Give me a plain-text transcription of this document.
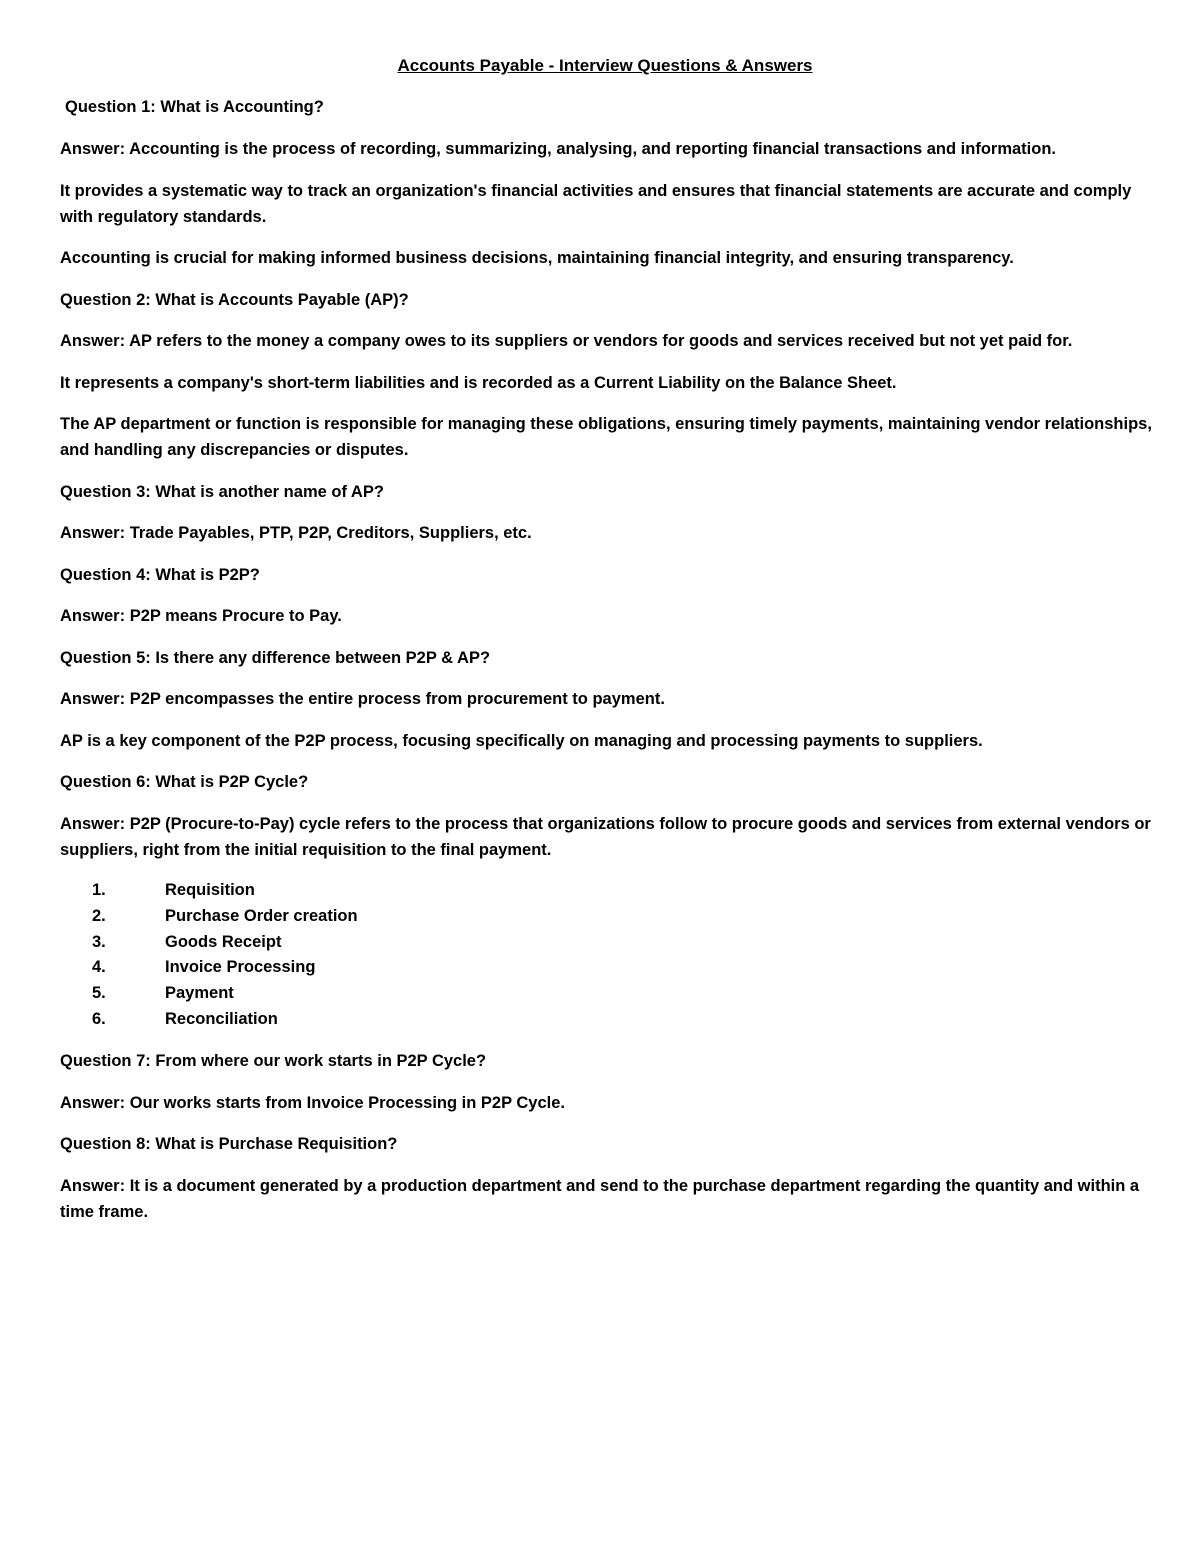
Accounts Payable - Interview Questions & Answers

Question 1: What is Accounting?

Answer: Accounting is the process of recording, summarizing, analysing, and reporting financial transactions and information.

It provides a systematic way to track an organization's financial activities and ensures that financial statements are accurate and comply with regulatory standards.

Accounting is crucial for making informed business decisions, maintaining financial integrity, and ensuring transparency.

Question 2: What is Accounts Payable (AP)?

Answer: AP refers to the money a company owes to its suppliers or vendors for goods and services received but not yet paid for.

It represents a company's short-term liabilities and is recorded as a Current Liability on the Balance Sheet.

The AP department or function is responsible for managing these obligations, ensuring timely payments, maintaining vendor relationships, and handling any discrepancies or disputes.

Question 3: What is another name of AP?

Answer: Trade Payables, PTP, P2P, Creditors, Suppliers, etc.

Question 4: What is P2P?

Answer: P2P means Procure to Pay.

Question 5: Is there any difference between P2P & AP?

Answer: P2P encompasses the entire process from procurement to payment.

AP is a key component of the P2P process, focusing specifically on managing and processing payments to suppliers.

Question 6: What is P2P Cycle?

Answer: P2P (Procure-to-Pay) cycle refers to the process that organizations follow to procure goods and services from external vendors or suppliers, right from the initial requisition to the final payment.

1.	Requisition
2.	Purchase Order creation
3.	Goods Receipt
4.	Invoice Processing
5.	Payment
6.	Reconciliation

Question 7: From where our work starts in P2P Cycle?

Answer: Our works starts from Invoice Processing in P2P Cycle.

Question 8: What is Purchase Requisition?

Answer: It is a document generated by a production department and send to the purchase department regarding the quantity and within a time frame.
